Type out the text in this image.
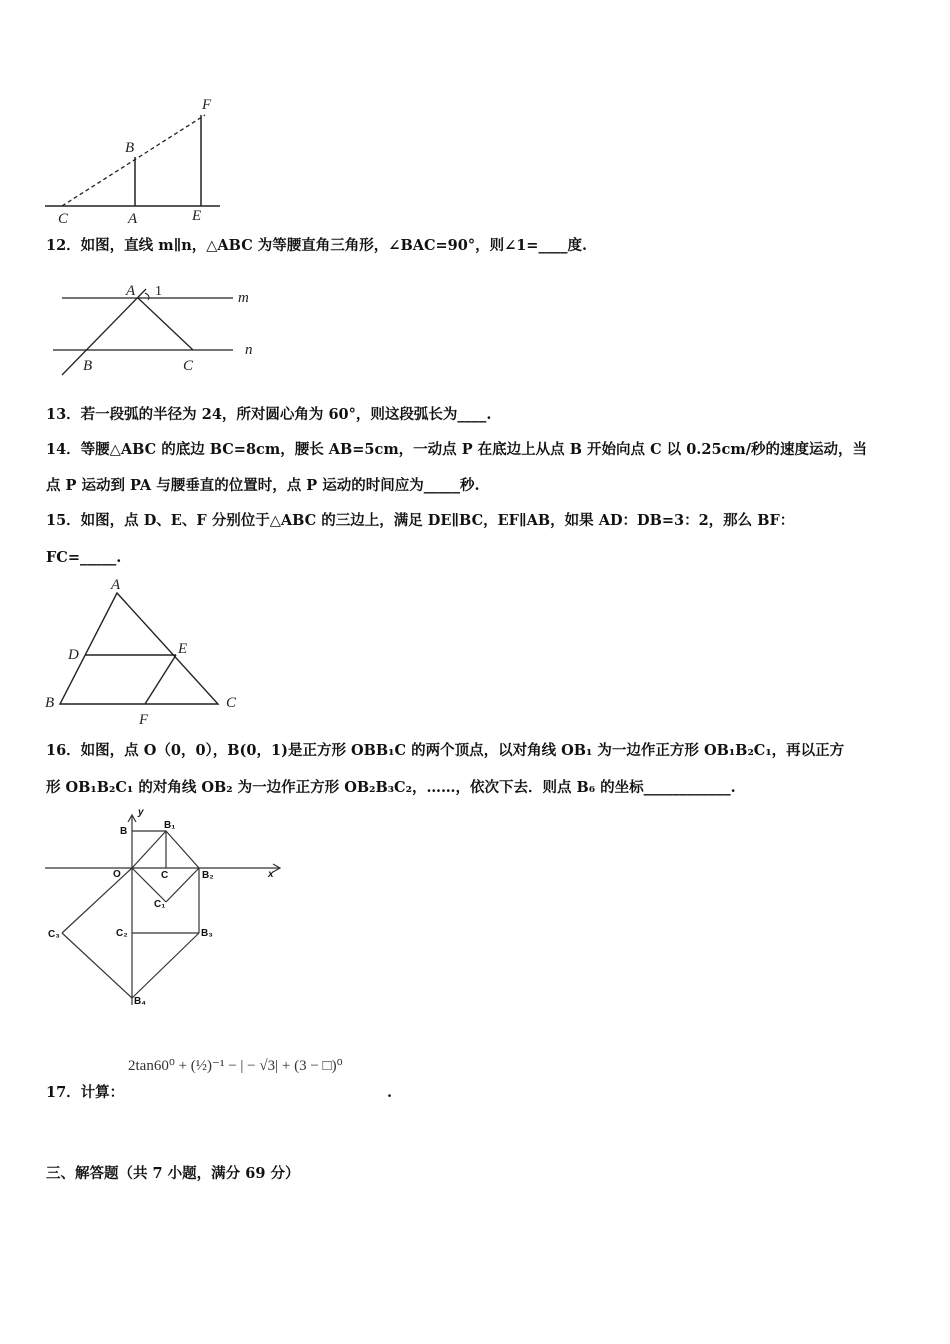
F
B
C	A	E
12．如图，直线 m∥n，△ABC 为等腰直角三角形，∠BAC=90°，则∠1=____度.
A 1	m
n
B	C
13．若一段弧的半径为 24，所对圆心角为 60°，则这段弧长为____.
14．等腰△ABC 的底边 BC=8cm，腰长 AB=5cm，一动点 P 在底边上从点 B 开始向点 C 以 0.25cm/秒的速度运动，当
点 P 运动到 PA 与腰垂直的位置时，点 P 运动的时间应为_____秒.
15．如图，点 D、E、F 分别位于△ABC 的三边上，满足 DE∥BC，EF∥AB，如果 AD：DB=3：2，那么 BF：
FC=_____.
A
D	E
B	C
F
16．如图，点 O（0，0），B(0，1)是正方形 OBB₁C 的两个顶点，以对角线 OB₁ 为一边作正方形 OB₁B₂C₁，再以正方
形 OB₁B₂C₁ 的对角线 OB₂ 为一边作正方形 OB₂B₃C₂，……，依次下去．则点 B₆ 的坐标____________.
y
x
B
B₁
O	C	B₂
C₁
C₂	B₃
C₃
B₄
2tan60⁰ + (½)⁻¹ − | − √3| + (3 − □)⁰
17．计算：	.
三、解答题（共 7 小题，满分 69 分）
